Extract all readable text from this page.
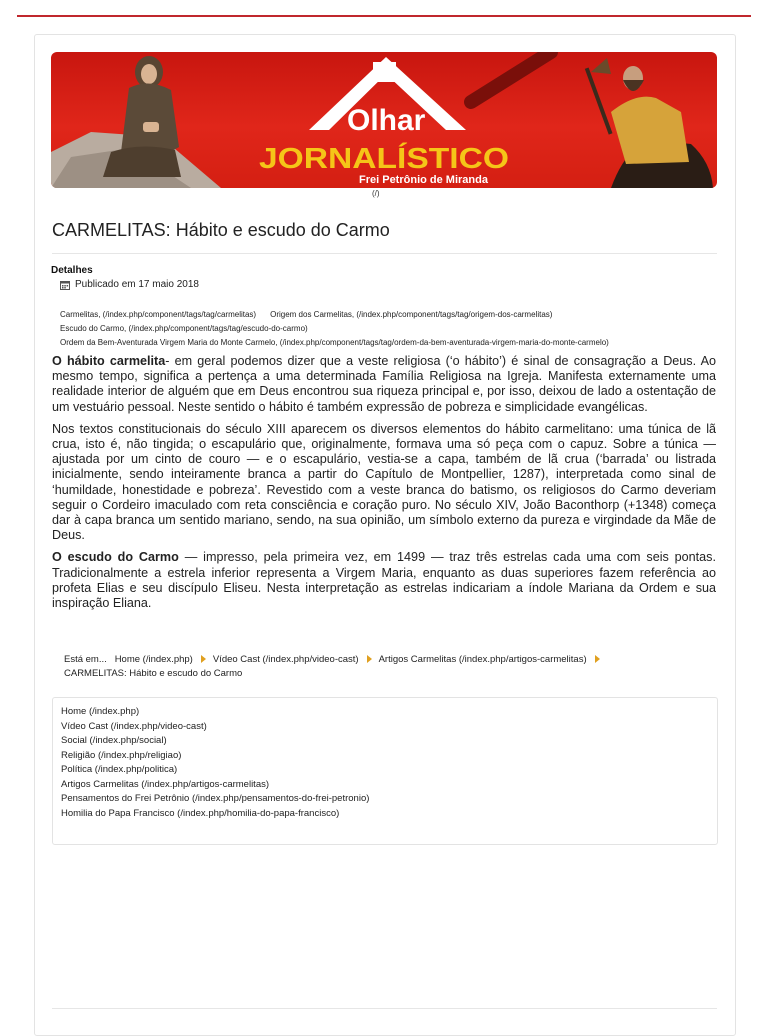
Olhar
JORNALÍSTICO
Frei Petrônio de Miranda
(/)
CARMELITAS: Hábito e escudo do Carmo
Detalhes
Publicado em 17 maio 2018
Carmelitas, (/index.php/component/tags/tag/carmelitas) Origem dos Carmelitas, (/index.php/component/tags/tag/origem-dos-carmelitas)
Escudo do Carmo, (/index.php/component/tags/tag/escudo-do-carmo)
Ordem da Bem-Aventurada Virgem Maria do Monte Carmelo, (/index.php/component/tags/tag/ordem-da-bem-aventurada-virgem-maria-do-monte-carmelo)

O hábito carmelita- em geral podemos dizer que a veste religiosa (‘o hábito’) é sinal de consagração a Deus. Ao mesmo tempo, significa a pertença a uma determinada Família Religiosa na Igreja. Manifesta externamente uma realidade interior de alguém que em Deus encontrou sua riqueza principal e, por isso, deixou de lado a ostentação de um vestuário pessoal. Neste sentido o hábito é também expressão de pobreza e simplicidade evangélicas.

Nos textos constitucionais do século XIII aparecem os diversos elementos do hábito carmelitano: uma túnica de lã crua, isto é, não tingida; o escapulário que, originalmente, formava uma só peça com o capuz. Sobre a túnica — ajustada por um cinto de couro — e o escapulário, vestia-se a capa, também de lã crua (‘barrada’ ou listrada inicialmente, sendo inteiramente branca a partir do Capítulo de Montpellier, 1287), interpretada como sinal de ‘humildade, honestidade e pobreza’. Revestido com a veste branca do batismo, os religiosos do Carmo deveriam seguir o Cordeiro imaculado com reta consciência e coração puro. No século XIV, João Baconthorp (+1348) começa dar à capa branca um sentido mariano, sendo, na sua opinião, um símbolo externo da pureza e virgindade da Mãe de Deus.

O escudo do Carmo — impresso, pela primeira vez, em 1499 — traz três estrelas cada uma com seis pontas. Tradicionalmente a estrela inferior representa a Virgem Maria, enquanto as duas superiores fazem referência ao profeta Elias e seu discípulo Eliseu. Nesta interpretação as estrelas indicariam a índole Mariana da Ordem e sua inspiração Eliana.

Está em... Home (/index.php) Vídeo Cast (/index.php/video-cast) Artigos Carmelitas (/index.php/artigos-carmelitas)
CARMELITAS: Hábito e escudo do Carmo
Home (/index.php)
Vídeo Cast (/index.php/video-cast)
Social (/index.php/social)
Religião (/index.php/religiao)
Política (/index.php/politica)
Artigos Carmelitas (/index.php/artigos-carmelitas)
Pensamentos do Frei Petrônio (/index.php/pensamentos-do-frei-petronio)
Homilia do Papa Francisco (/index.php/homilia-do-papa-francisco)
